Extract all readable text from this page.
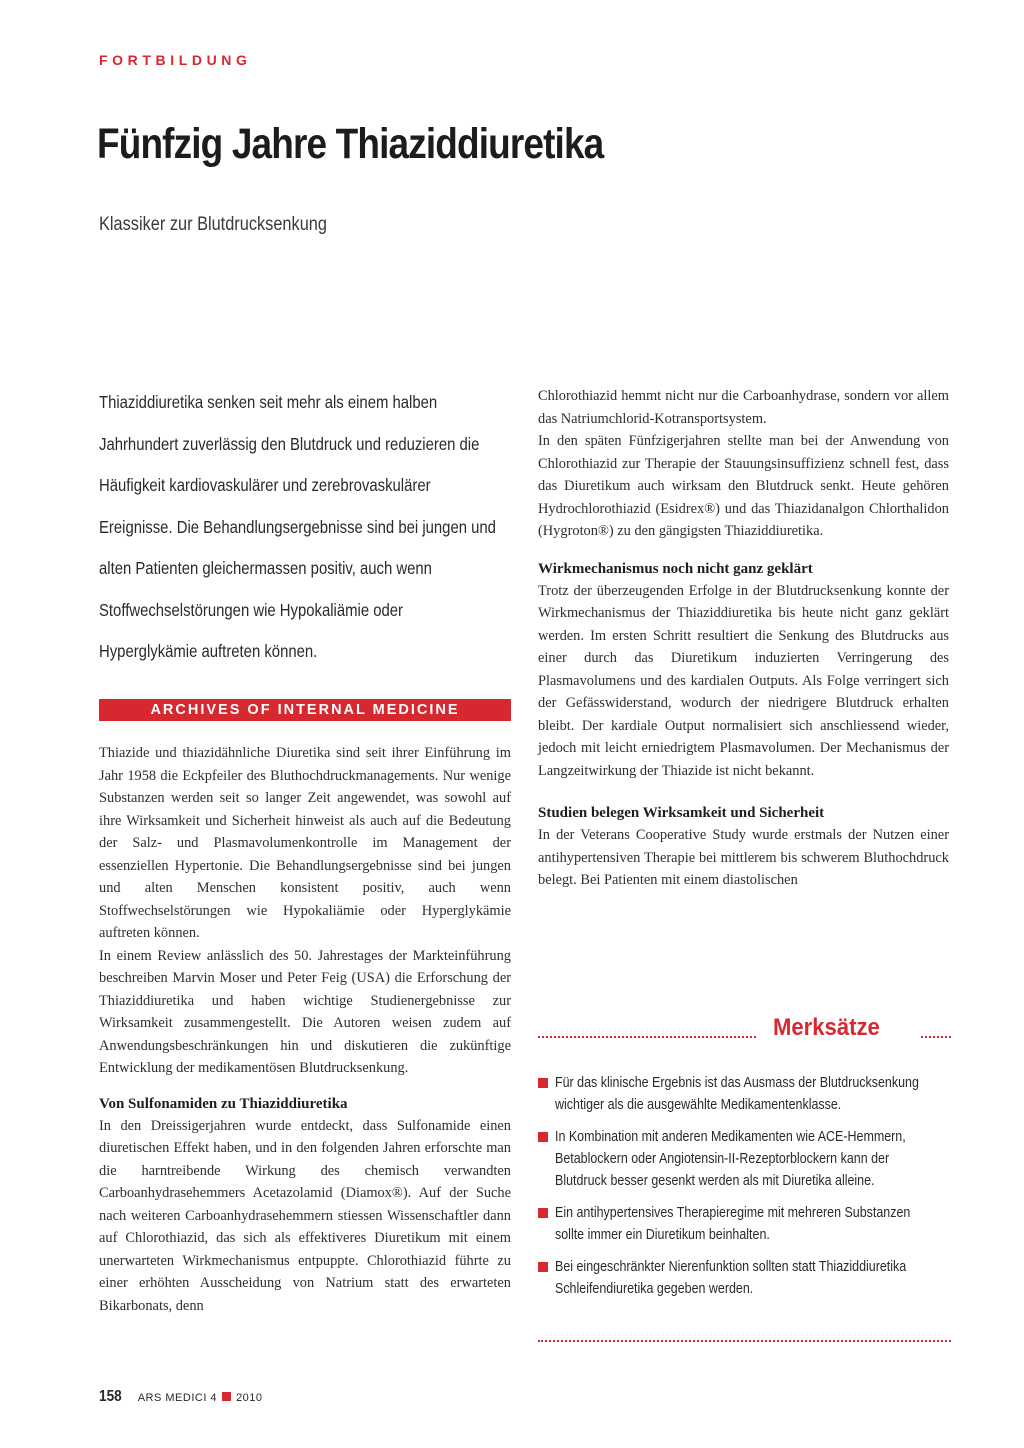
FORTBILDUNG
Fünfzig Jahre Thiaziddiuretika
Klassiker zur Blutdrucksenkung

Thiaziddiuretika senken seit mehr als einem halben Jahrhundert zuverlässig den Blutdruck und reduzieren die Häufigkeit kardiovaskulärer und zerebrovaskulärer Ereignisse. Die Behandlungsergebnisse sind bei jungen und alten Patienten gleichermassen positiv, auch wenn Stoffwechselstörungen wie Hypokaliämie oder Hyperglykämie auftreten können.

ARCHIVES OF INTERNAL MEDICINE

Thiazide und thiazidähnliche Diuretika sind seit ihrer Einführung im Jahr 1958 die Eckpfeiler des Bluthochdruckmanagements. Nur wenige Substanzen werden seit so langer Zeit angewendet, was sowohl auf ihre Wirksamkeit und Sicherheit hinweist als auch auf die Bedeutung der Salz- und Plasmavolumenkontrolle im Management der essenziellen Hypertonie. Die Behandlungsergebnisse sind bei jungen und alten Menschen konsistent positiv, auch wenn Stoffwechselstörungen wie Hypokaliämie oder Hyperglykämie auftreten können.

In einem Review anlässlich des 50. Jahrestages der Markteinführung beschreiben Marvin Moser und Peter Feig (USA) die Erforschung der Thiaziddiuretika und haben wichtige Studienergebnisse zur Wirksamkeit zusammengestellt. Die Autoren weisen zudem auf Anwendungsbeschränkungen hin und diskutieren die zukünftige Entwicklung der medikamentösen Blutdrucksenkung.

Von Sulfonamiden zu Thiaziddiuretika

In den Dreissigerjahren wurde entdeckt, dass Sulfonamide einen diuretischen Effekt haben, und in den folgenden Jahren erforschte man die harntreibende Wirkung des chemisch verwandten Carboanhydrasehemmers Acetazolamid (Diamox®). Auf der Suche nach weiteren Carboanhydrasehemmern stiessen Wissenschaftler dann auf Chlorothiazid, das sich als effektiveres Diuretikum mit einem unerwarteten Wirkmechanismus entpuppte. Chlorothiazid führte zu einer erhöhten Ausscheidung von Natrium statt des erwarteten Bikarbonats, denn

Chlorothiazid hemmt nicht nur die Carboanhydrase, sondern vor allem das Natriumchlorid-Kotransportsystem.

In den späten Fünfzigerjahren stellte man bei der Anwendung von Chlorothiazid zur Therapie der Stauungsinsuffizienz schnell fest, dass das Diuretikum auch wirksam den Blutdruck senkt. Heute gehören Hydrochlorothiazid (Esidrex®) und das Thiazidanalgon Chlorthalidon (Hygroton®) zu den gängigsten Thiaziddiuretika.

Wirkmechanismus noch nicht ganz geklärt

Trotz der überzeugenden Erfolge in der Blutdrucksenkung konnte der Wirkmechanismus der Thiaziddiuretika bis heute nicht ganz geklärt werden. Im ersten Schritt resultiert die Senkung des Blutdrucks aus einer durch das Diuretikum induzierten Verringerung des Plasmavolumens und des kardialen Outputs. Als Folge verringert sich der Gefässwiderstand, wodurch der niedrigere Blutdruck erhalten bleibt. Der kardiale Output normalisiert sich anschliessend wieder, jedoch mit leicht erniedrigtem Plasmavolumen. Der Mechanismus der Langzeitwirkung der Thiazide ist nicht bekannt.

Studien belegen Wirksamkeit und Sicherheit

In der Veterans Cooperative Study wurde erstmals der Nutzen einer antihypertensiven Therapie bei mittlerem bis schwerem Bluthochdruck belegt. Bei Patienten mit einem diastolischen

Merksätze
Für das klinische Ergebnis ist das Ausmass der Blutdrucksenkung wichtiger als die ausgewählte Medikamentenklasse.
In Kombination mit anderen Medikamenten wie ACE-Hemmern, Betablockern oder Angiotensin-II-Rezeptorblockern kann der Blutdruck besser gesenkt werden als mit Diuretika alleine.
Ein antihypertensives Therapieregime mit mehreren Substanzen sollte immer ein Diuretikum beinhalten.
Bei eingeschränkter Nierenfunktion sollten statt Thiaziddiuretika Schleifendiuretika gegeben werden.
158 ARS MEDICI 4 2010
